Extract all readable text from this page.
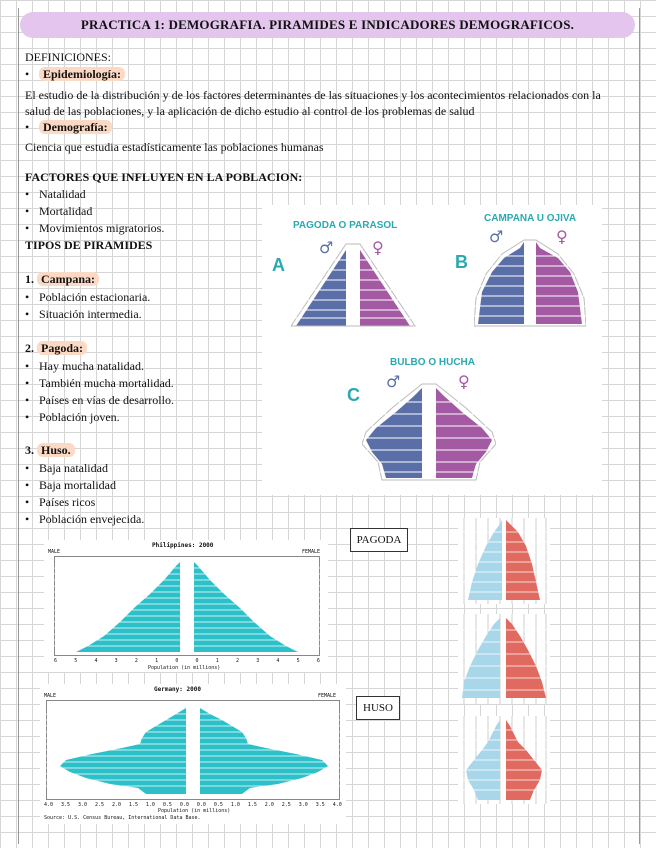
PRACTICA 1: DEMOGRAFIA. PIRAMIDES E INDICADORES DEMOGRAFICOS.
DEFINICIONES:
• Epidemiología:
El estudio de la distribución y de los factores determinantes de las situaciones y los acontecimientos relacionados con la
salud de las poblaciones, y la aplicación de dicho estudio al control de los problemas de salud
• Demografía:
Ciencia que estudia estadísticamente las poblaciones humanas
FACTORES QUE INFLUYEN EN LA POBLACION:
• Natalidad
• Mortalidad
• Movimientos migratorios.
TIPOS DE PIRAMIDES
1. Campana:
• Población estacionaria.
• Situación intermedia.
2. Pagoda:
• Hay mucha natalidad.
• También mucha mortalidad.
• Países en vías de desarrollo.
• Población joven.
3. Huso.
• Baja natalidad
• Baja mortalidad
• Países ricos
• Población envejecida.
PAGODA O PARASOL
CAMPANA U OJIVA
BULBO O HUCHA
A	B
C
♂ ♀
♂	♀
♂	♀
Philippines: 2000
MALE	FEMALE
6	5	4	3	2	1	0	0	1	2	3	4	5	6
Population (in millions)
Germany: 2000
MALE	FEMALE
4.0 3.5 3.0 2.5 2.0 1.5 1.0 0.5 0.0 0.0 0.5 1.0 1.5 2.0 2.5 3.0 3.5 4.0
Population (in millions)
Source: U.S. Census Bureau, International Data Base.
PAGODA
HUSO
